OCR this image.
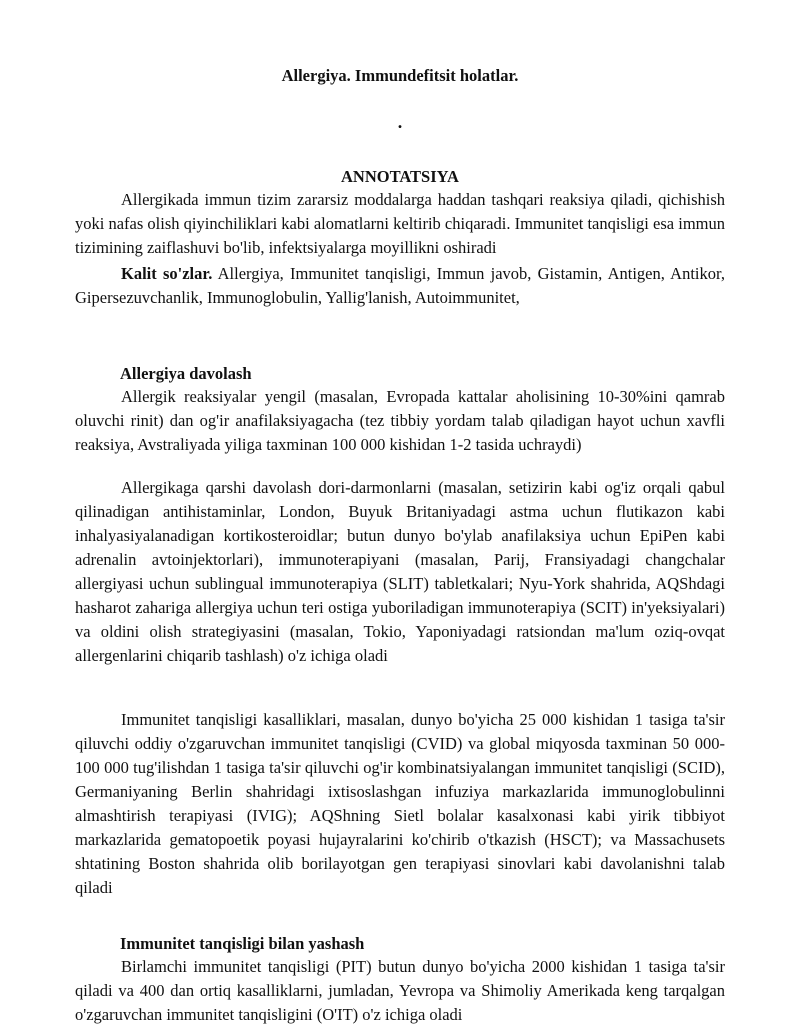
Allergiya. Immundefitsit holatlar.
.
ANNOTATSIYA
Allergikada immun tizim zararsiz moddalarga haddan tashqari reaksiya qiladi, qichishish yoki nafas olish qiyinchiliklari kabi alomatlarni keltirib chiqaradi. Immunitet tanqisligi esa immun tizimining zaiflashuvi bo'lib, infektsiyalarga moyillikni oshiradi
Kalit so'zlar. Allergiya, Immunitet tanqisligi, Immun javob, Gistamin, Antigen, Antikor, Gipersezuvchanlik, Immunoglobulin, Yallig'lanish, Autoimmunitet,
Allergiya davolash
Allergik reaksiyalar yengil (masalan, Evropada kattalar aholisining 10-30%ini qamrab oluvchi rinit) dan og'ir anafilaksiyagacha (tez tibbiy yordam talab qiladigan hayot uchun xavfli reaksiya, Avstraliyada yiliga taxminan 100 000 kishidan 1-2 tasida uchraydi)
Allergikaga qarshi davolash dori-darmonlarni (masalan, setizirin kabi og'iz orqali qabul qilinadigan antihistaminlar, London, Buyuk Britaniyadagi astma uchun flutikazon kabi inhalyasiyalanadigan kortikosteroidlar; butun dunyo bo'ylab anafilaksiya uchun EpiPen kabi adrenalin avtoinjektorlari), immunoterapiyani (masalan, Parij, Fransiyadagi changchalar allergiyasi uchun sublingual immunoterapiya (SLIT) tabletkalari; Nyu-York shahrida, AQShdagi hasharot zahariga allergiya uchun teri ostiga yuboriladigan immunoterapiya (SCIT) in'yeksiyalari) va oldini olish strategiyasini (masalan, Tokio, Yaponiyadagi ratsiondan ma'lum oziq-ovqat allergenlarini chiqarib tashlash) o'z ichiga oladi
Immunitet tanqisligi kasalliklari, masalan, dunyo bo'yicha 25 000 kishidan 1 tasiga ta'sir qiluvchi oddiy o'zgaruvchan immunitet tanqisligi (CVID) va global miqyosda taxminan 50 000-100 000 tug'ilishdan 1 tasiga ta'sir qiluvchi og'ir kombinatsiyalangan immunitet tanqisligi (SCID), Germaniyaning Berlin shahridagi ixtisoslashgan infuziya markazlarida immunoglobulinni almashtirish terapiyasi (IVIG); AQShning Sietl bolalar kasalxonasi kabi yirik tibbiyot markazlarida gematopoetik poyasi hujayralarini ko'chirib o'tkazish (HSCT); va Massachusets shtatining Boston shahrida olib borilayotgan gen terapiyasi sinovlari kabi davolanishni talab qiladi
Immunitet tanqisligi bilan yashash
Birlamchi immunitet tanqisligi (PIT) butun dunyo bo'yicha 2000 kishidan 1 tasiga ta'sir qiladi va 400 dan ortiq kasalliklarni, jumladan, Yevropa va Shimoliy Amerikada keng tarqalgan o'zgaruvchan immunitet tanqisligini (O'IT) o'z ichiga oladi
